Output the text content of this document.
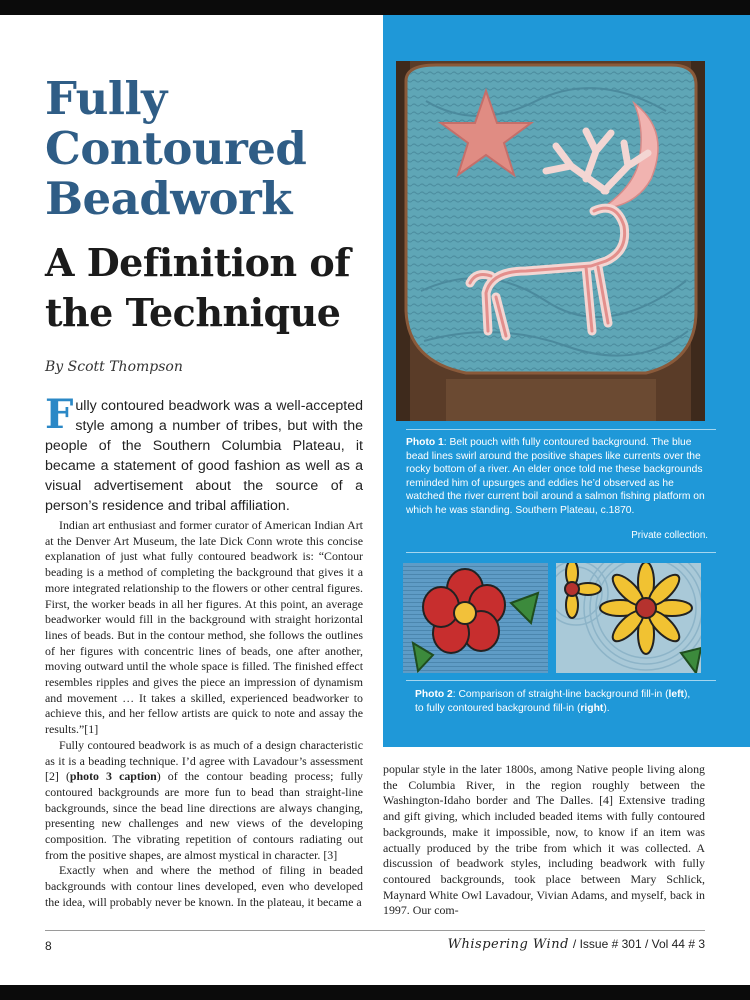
Fully
Contoured
Beadwork
A Definition of
the Technique
By Scott Thompson
Fully contoured beadwork was a well-accepted style among a number of tribes, but with the people of the Southern Columbia Plateau, it became a statement of good fashion as well as a visual advertisement about the source of a person’s residence and tribal affiliation.

Indian art enthusiast and former curator of American Indian Art at the Denver Art Museum, the late Dick Conn wrote this concise explanation of just what fully contoured beadwork is: “Contour beading is a method of completing the background that gives it a more integrated relationship to the flowers or other central figures. First, the worker beads in all her figures. At this point, an average beadworker would fill in the background with straight horizontal lines of beads. But in the contour method, she follows the outlines of her figures with concentric lines of beads, one after another, moving outward until the whole space is filled. The finished effect resembles ripples and gives the piece an impression of dynamism and movement … It takes a skilled, experienced beadworker to achieve this, and her fellow artists are quick to note and assay the results.”[1]

Fully contoured beadwork is as much of a design characteristic as it is a beading technique. I’d agree with Lavadour’s assessment [2] (photo 3 caption) of the contour beading process; fully contoured backgrounds are more fun to bead than straight-line backgrounds, since the bead line directions are always changing, presenting new challenges and new views of the developing composition. The vibrating repetition of contours radiating out from the positive shapes, are almost mystical in character. [3]

Exactly when and where the method of filing in beaded backgrounds with contour lines developed, even who developed the idea, will probably never be known. In the plateau, it became a

popular style in the later 1800s, among Native people living along the Columbia River, in the region roughly between the Washington-Idaho border and The Dalles. [4] Extensive trading and gift giving, which included beaded items with fully contoured backgrounds, make it impossible, now, to know if an item was actually produced by the tribe from which it was collected. A discussion of beadwork styles, including beadwork with fully contoured backgrounds, took place between Mary Schlick, Maynard White Owl Lavadour, Vivian Adams, and myself, back in 1997. Our com-

Photo 1: Belt pouch with fully contoured background. The blue bead lines swirl around the positive shapes like currents over the rocky bottom of a river. An elder once told me these backgrounds reminded him of upsurges and eddies he’d observed as he watched the river current boil around a salmon fishing platform on which he was standing. Southern Plateau, c.1870.
Private collection.
Photo 2: Comparison of straight-line background fill-in (left), to fully contoured background fill-in (right).
8	Whispering Wind / Issue # 301 / Vol 44 # 3
